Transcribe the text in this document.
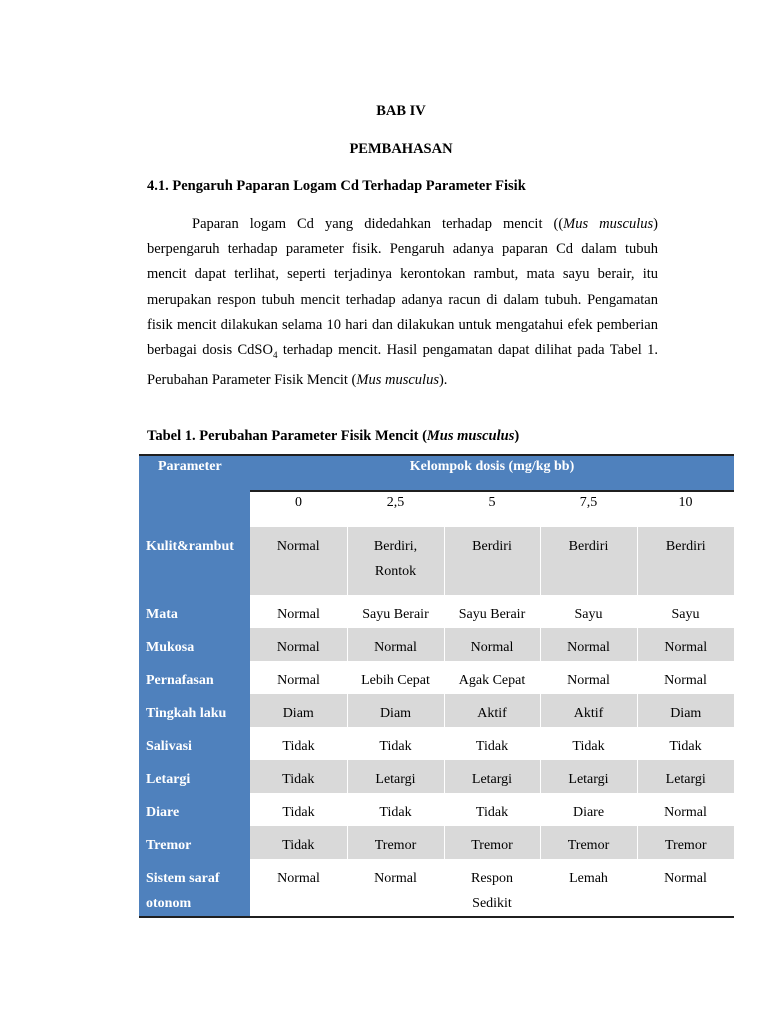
BAB IV
PEMBAHASAN
4.1. Pengaruh Paparan Logam Cd Terhadap Parameter Fisik

Paparan logam Cd yang didedahkan terhadap mencit ((Mus musculus) berpengaruh terhadap parameter fisik. Pengaruh adanya paparan Cd dalam tubuh mencit dapat terlihat, seperti terjadinya kerontokan rambut, mata sayu berair, itu merupakan respon tubuh mencit terhadap adanya racun di dalam tubuh. Pengamatan fisik mencit dilakukan selama 10 hari dan dilakukan untuk mengatahui efek pemberian berbagai dosis CdSO$_4$ terhadap mencit. Hasil pengamatan dapat dilihat pada Tabel 1. Perubahan Parameter Fisik Mencit (Mus musculus).

Tabel 1. Perubahan Parameter Fisik Mencit (Mus musculus)
Parameter	Kelompok dosis (mg/kg bb)				
	0	2,5	5	7,5	10
Kulit&rambut	Normal	Berdiri, Rontok	Berdiri	Berdiri	Berdiri
Mata	Normal	Sayu Berair	Sayu Berair	Sayu	Sayu
Mukosa	Normal	Normal	Normal	Normal	Normal
Pernafasan	Normal	Lebih Cepat	Agak Cepat	Normal	Normal
Tingkah laku	Diam	Diam	Aktif	Aktif	Diam
Salivasi	Tidak	Tidak	Tidak	Tidak	Tidak
Letargi	Tidak	Letargi	Letargi	Letargi	Letargi
Diare	Tidak	Tidak	Tidak	Diare	Normal
Tremor	Tidak	Tremor	Tremor	Tremor	Tremor
Sistem saraf otonom	Normal	Normal	Respon Sedikit	Lemah	Normal
